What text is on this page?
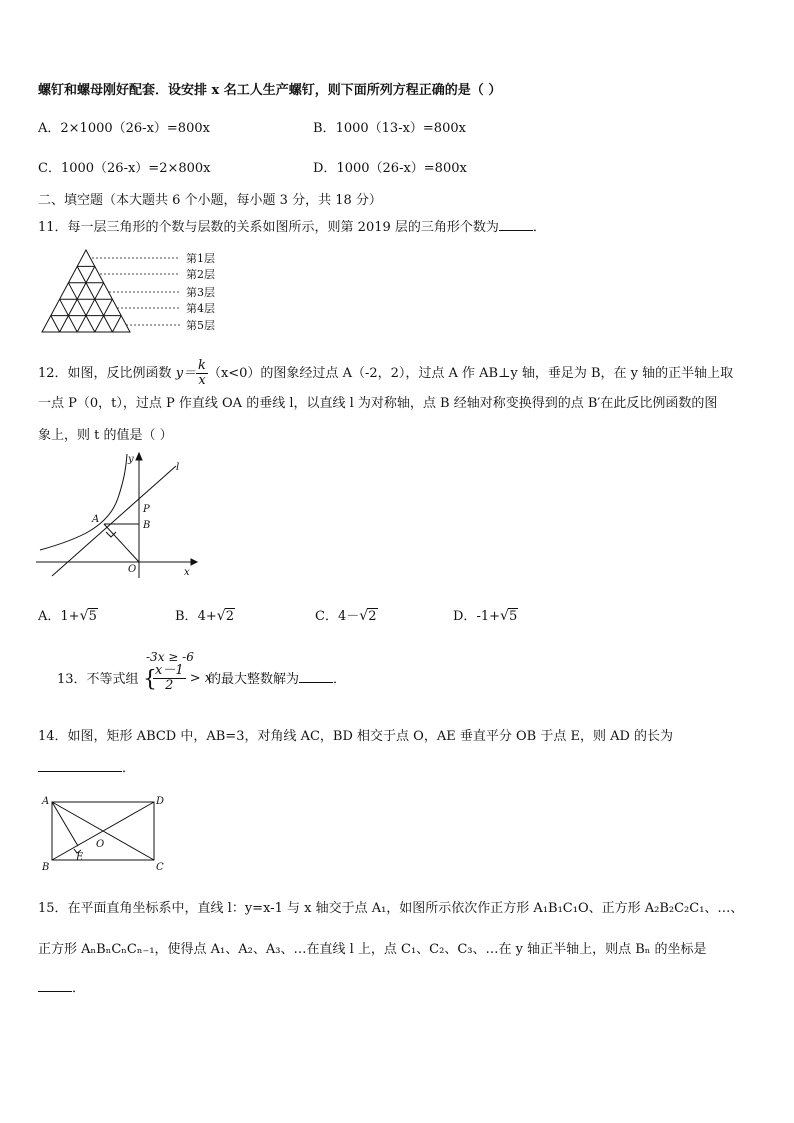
螺钉和螺母刚好配套．设安排 x 名工人生产螺钉，则下面所列方程正确的是（ ）
A．2×1000（26-x）=800x	B．1000（13-x）=800x
C．1000（26-x）=2×800x	D．1000（26-x）=800x
二、填空题（本大题共 6 个小题，每小题 3 分，共 18 分）
11．每一层三角形的个数与层数的关系如图所示，则第 2019 层的三角形个数为	．
第1层
第2层
第3层
第4层
第5层
12．如图，反比例函数 $y= \frac{k}{x} (x<0)$的图象经过点 A（-2，2），过点 A 作 AB⊥y 轴，垂足为 B，在 y 轴的正半轴上取
一点 P（0，t），过点 P 作直线 OA 的垂线 l，以直线 l 为对称轴，点 B 经轴对称变换得到的点 B′在此反比例函数的图
象上，则 t 的值是（ ）
y
x
l
A
P
B
O
A．1+ √ 5	B．4+ √ 2	C．4－ √ 2	D．-1+ √ 5
-3x ≥ -6
13．不等式组 {
$\frac{x-1}{2} > x$
的最大整数解为	．
14．如图，矩形 ABCD 中，AB=3，对角线 AC，BD 相交于点 O，AE 垂直平分 OB 于点 E，则 AD 的长为
．
A	D
B	C
E
O
15．在平面直角坐标系中，直线 l：y=x-1 与 x 轴交于点 A₁，如图所示依次作正方形 A₁B₁C₁O、正方形 A₂B₂C₂C₁、…、
正方形 AₙBₙCₙCₙ₋₁，使得点 A₁、A₂、A₃、…在直线 l 上，点 C₁、C₂、C₃、…在 y 轴正半轴上，则点 Bₙ 的坐标是
．
